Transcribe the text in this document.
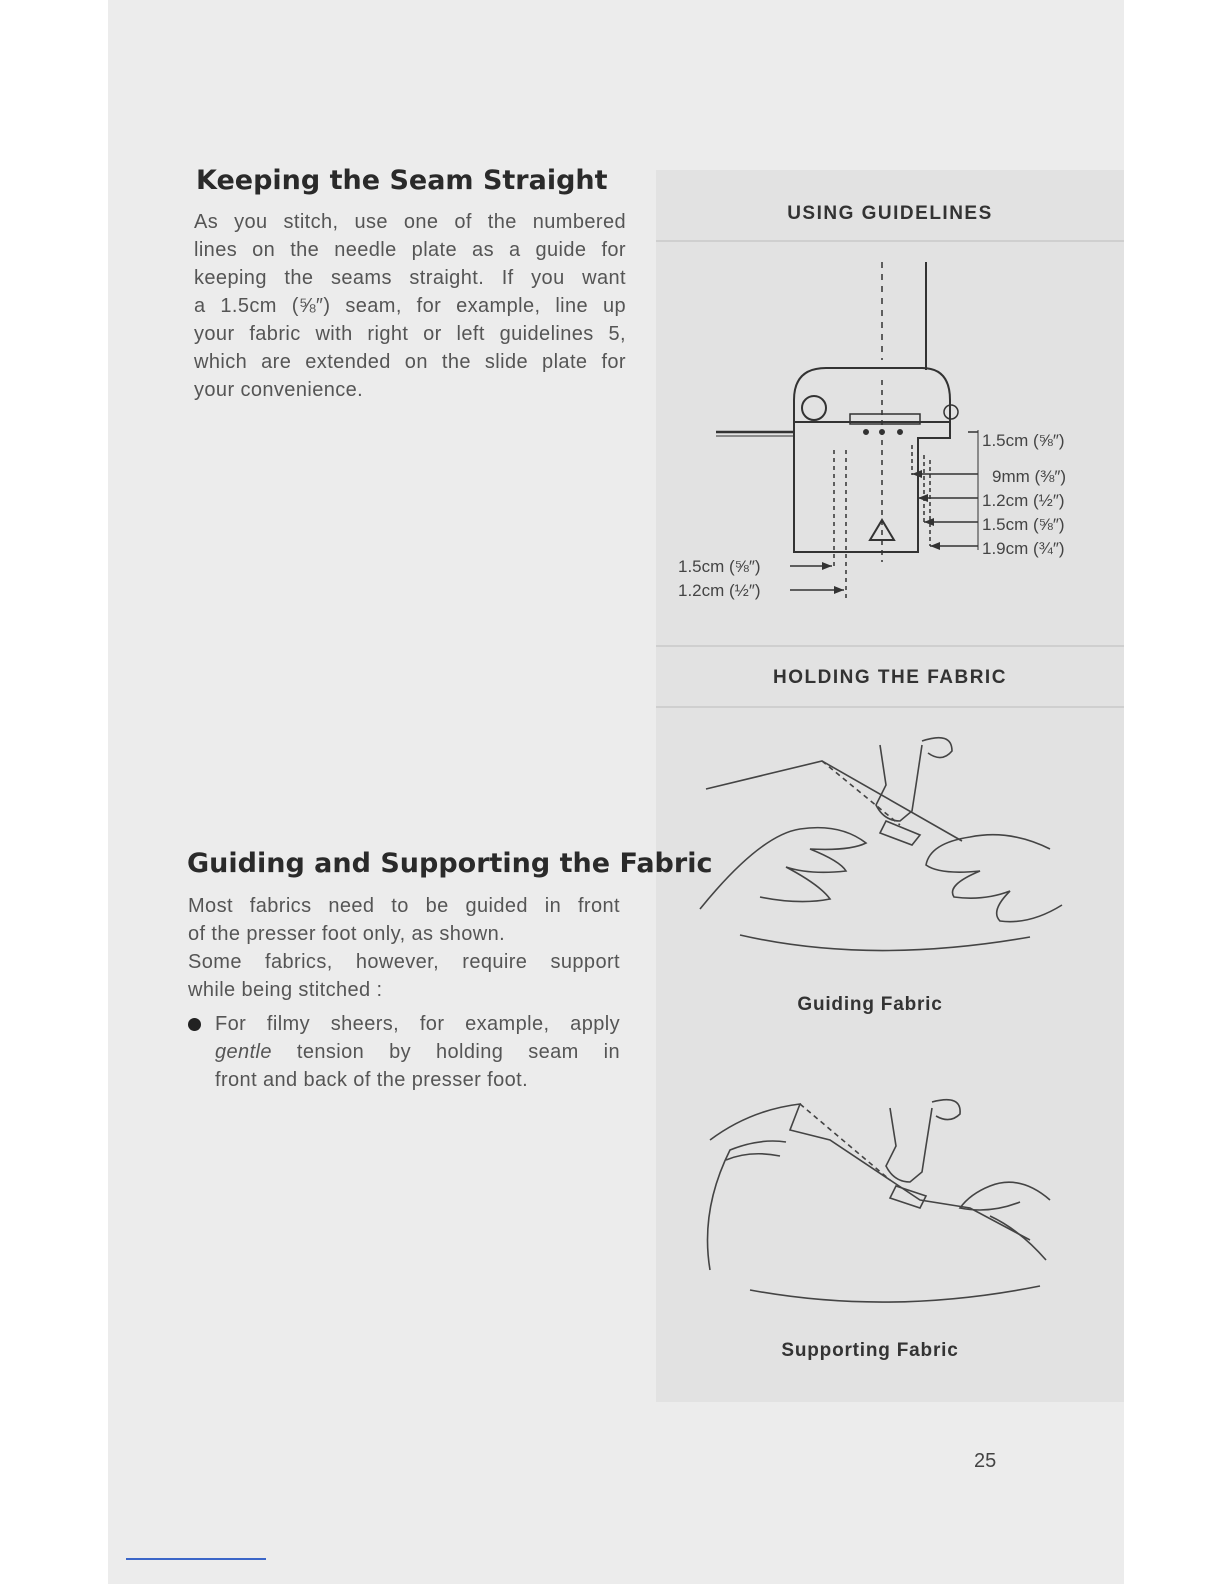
Keeping the Seam Straight
As you stitch, use one of the numbered
lines on the needle plate as a guide for
keeping the seams straight. If you want
a 1.5cm (⅝″) seam, for example, line up
your fabric with right or left guidelines 5,
which are extended on the slide plate for
your convenience.
Guiding and Supporting the Fabric
Most fabrics need to be guided in front
of the presser foot only, as shown.
Some fabrics, however, require support
while being stitched :
For filmy sheers, for example, apply
gentle tension by holding seam in
front and back of the presser foot.
USING GUIDELINES
1.5cm (⅝″)
9mm (⅜″)
1.2cm (½″)
1.5cm (⅝″)
1.9cm (¾″)
1.5cm (⅝″)
1.2cm (½″)
HOLDING THE FABRIC
Guiding Fabric
Supporting Fabric
25
